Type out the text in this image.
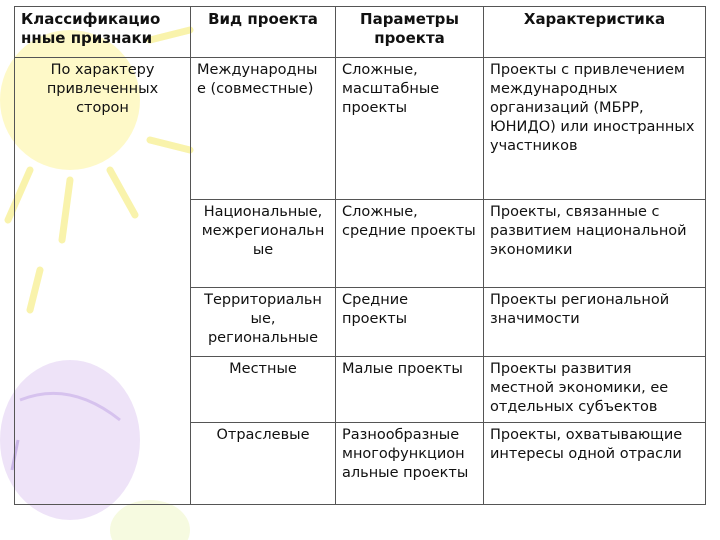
Классификацио нные признаки	Вид проекта	Параметры проекта	Характеристика
По характеру привлеченных сторон	Международны е (совместные)	Сложные, масштабные проекты	Проекты с привлечением международных организаций (МБРР, ЮНИДО) или иностранных участников
	Национальные, межрегиональн ые	Сложные, средние проекты	Проекты, связанные с развитием национальной экономики
	Территориальн ые, региональные	Средние проекты	Проекты региональной значимости
	Местные	Малые проекты	Проекты развития местной экономики, ее отдельных субъектов
	Отраслевые	Разнообразные многофункцион альные проекты	Проекты, охватывающие интересы одной отрасли
